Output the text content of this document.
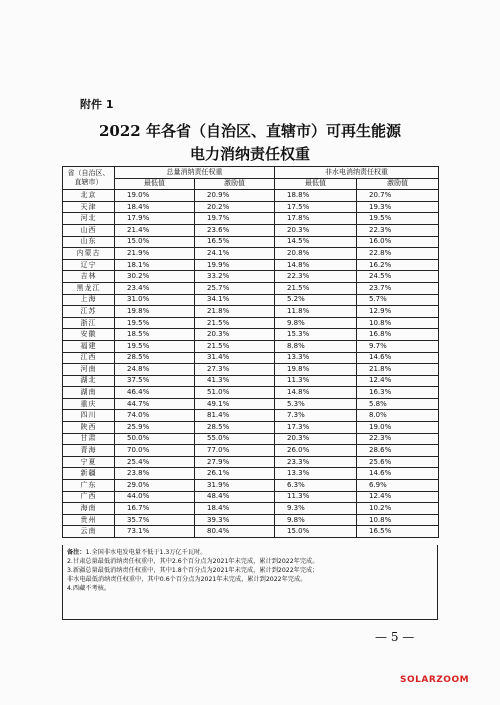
附件 1
2022 年各省（自治区、直辖市）可再生能源
电力消纳责任权重
省（自治区、直辖市）	总量消纳责任权重		非水电消纳责任权重	
	最低值	激励值	最低值	激励值
北京	19.0%	20.9%	18.8%	20.7%
天津	18.4%	20.2%	17.5%	19.3%
河北	17.9%	19.7%	17.8%	19.5%
山西	21.4%	23.6%	20.3%	22.3%
山东	15.0%	16.5%	14.5%	16.0%
内蒙古	21.9%	24.1%	20.8%	22.8%
辽宁	18.1%	19.9%	14.8%	16.2%
吉林	30.2%	33.2%	22.3%	24.5%
黑龙江	23.4%	25.7%	21.5%	23.7%
上海	31.0%	34.1%	5.2%	5.7%
江苏	19.8%	21.8%	11.8%	12.9%
浙江	19.5%	21.5%	9.8%	10.8%
安徽	18.5%	20.3%	15.3%	16.8%
福建	19.5%	21.5%	8.8%	9.7%
江西	28.5%	31.4%	13.3%	14.6%
河南	24.8%	27.3%	19.8%	21.8%
湖北	37.5%	41.3%	11.3%	12.4%
湖南	46.4%	51.0%	14.8%	16.3%
重庆	44.7%	49.1%	5.3%	5.8%
四川	74.0%	81.4%	7.3%	8.0%
陕西	25.9%	28.5%	17.3%	19.0%
甘肃	50.0%	55.0%	20.3%	22.3%
青海	70.0%	77.0%	26.0%	28.6%
宁夏	25.4%	27.9%	23.3%	25.6%
新疆	23.8%	26.1%	13.3%	14.6%
广东	29.0%	31.9%	6.3%	6.9%
广西	44.0%	48.4%	11.3%	12.4%
海南	16.7%	18.4%	9.3%	10.2%
贵州	35.7%	39.3%	9.8%	10.8%
云南	73.1%	80.4%	15.0%	16.5%
备注：1.全国非水电发电量不低于1.3万亿千瓦时。
2.甘肃总量最低消纳责任权重中，其中2.6个百分点为2021年未完成，累计到2022年完成。
3.新疆总量最低消纳责任权重中，其中1.8个百分点为2021年未完成，累计到2022年完成；
非水电最低消纳责任权重中，其中0.6个百分点为2021年未完成，累计到2022年完成。
4.西藏不考核。
— 5 —
SOLARZOOM
